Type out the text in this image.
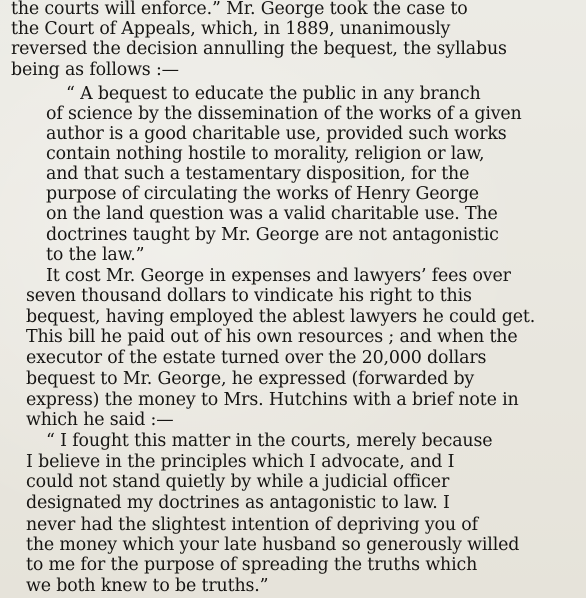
the courts will enforce.” Mr. George took the case to
the Court of Appeals, which, in 1889, unanimously
reversed the decision annulling the bequest, the syllabus
being as follows :—
“ A bequest to educate the public in any branch
of science by the dissemination of the works of a given
author is a good charitable use, provided such works
contain nothing hostile to morality, religion or law,
and that such a testamentary disposition, for the
purpose of circulating the works of Henry George
on the land question was a valid charitable use. The
doctrines taught by Mr. George are not antagonistic
to the law.”
It cost Mr. George in expenses and lawyers’ fees over
seven thousand dollars to vindicate his right to this
bequest, having employed the ablest lawyers he could get.
This bill he paid out of his own resources ; and when the
executor of the estate turned over the 20,000 dollars
bequest to Mr. George, he expressed (forwarded by
express) the money to Mrs. Hutchins with a brief note in
which he said :—
“ I fought this matter in the courts, merely because
I believe in the principles which I advocate, and I
could not stand quietly by while a judicial officer
designated my doctrines as antagonistic to law. I
never had the slightest intention of depriving you of
the money which your late husband so generously willed
to me for the purpose of spreading the truths which
we both knew to be truths.”
